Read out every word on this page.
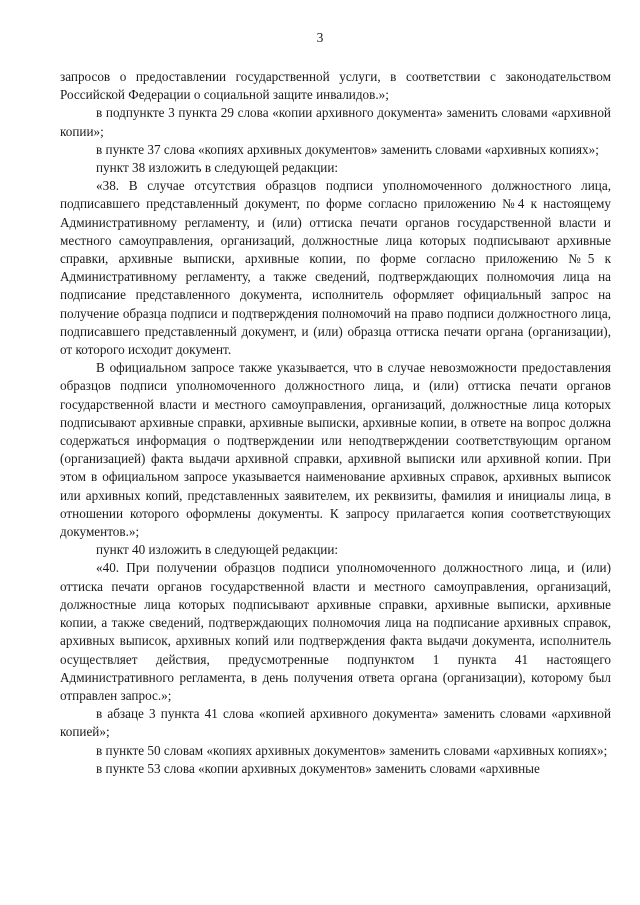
3

запросов о предоставлении государственной услуги, в соответствии с законодательством Российской Федерации о социальной защите инвалидов.»;

в подпункте 3 пункта 29 слова «копии архивного документа» заменить словами «архивной копии»;

в пункте 37 слова «копиях архивных документов» заменить словами «архивных копиях»;

пункт 38 изложить в следующей редакции:

«38. В случае отсутствия образцов подписи уполномоченного должностного лица, подписавшего представленный документ, по форме согласно приложению №4 к настоящему Административному регламенту, и (или) оттиска печати органов государственной власти и местного самоуправления, организаций, должностные лица которых подписывают архивные справки, архивные выписки, архивные копии, по форме согласно приложению №5 к Административному регламенту, а также сведений, подтверждающих полномочия лица на подписание представленного документа, исполнитель оформляет официальный запрос на получение образца подписи и подтверждения полномочий на право подписи должностного лица, подписавшего представленный документ, и (или) образца оттиска печати органа (организации), от которого исходит документ.

В официальном запросе также указывается, что в случае невозможности предоставления образцов подписи уполномоченного должностного лица, и (или) оттиска печати органов государственной власти и местного самоуправления, организаций, должностные лица которых подписывают архивные справки, архивные выписки, архивные копии, в ответе на вопрос должна содержаться информация о подтверждении или неподтверждении соответствующим органом (организацией) факта выдачи архивной справки, архивной выписки или архивной копии. При этом в официальном запросе указывается наименование архивных справок, архивных выписок или архивных копий, представленных заявителем, их реквизиты, фамилия и инициалы лица, в отношении которого оформлены документы. К запросу прилагается копия соответствующих документов.»;

пункт 40 изложить в следующей редакции:

«40. При получении образцов подписи уполномоченного должностного лица, и (или) оттиска печати органов государственной власти и местного самоуправления, организаций, должностные лица которых подписывают архивные справки, архивные выписки, архивные копии, а также сведений, подтверждающих полномочия лица на подписание архивных справок, архивных выписок, архивных копий или подтверждения факта выдачи документа, исполнитель осуществляет действия, предусмотренные подпунктом 1 пункта 41 настоящего Административного регламента, в день получения ответа органа (организации), которому был отправлен запрос.»;

в абзаце 3 пункта 41 слова «копией архивного документа» заменить словами «архивной копией»;

в пункте 50 словам «копиях архивных документов» заменить словами «архивных копиях»;

в пункте 53 слова «копии архивных документов» заменить словами «архивные
